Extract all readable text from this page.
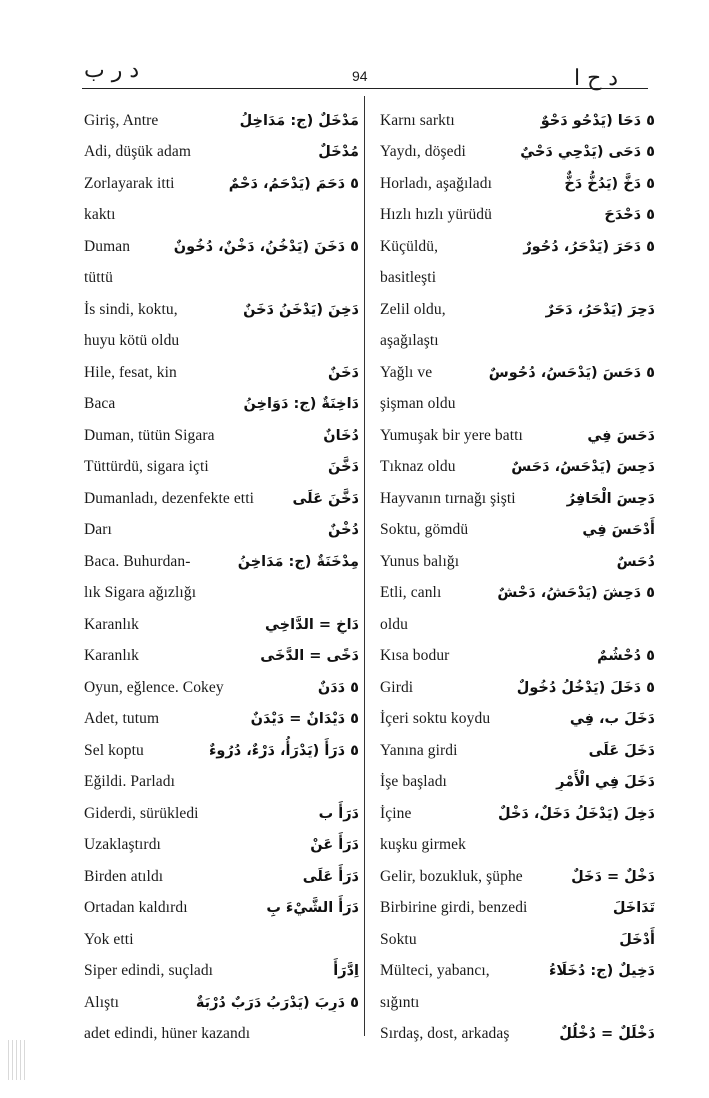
د ر ب	94	د ح ا
Giriş, Antre	مَدْخَلٌ (ج: مَدَاخِلُ
Adi, düşük adam	مُدْخَلٌ
Zorlayarak itti	٥ دَحَمَ (يَدْحَمُ، دَحْمٌ
kaktı
Duman	٥ دَخَنَ (يَدْخُنُ، دَخْنٌ، دُخُونٌ
tüttü
İs sindi, koktu,	دَخِنَ (يَدْخَنُ دَخَنٌ
huyu kötü oldu
Hile, fesat, kin	دَخَنٌ
Baca	دَاخِنَةٌ (ج: دَوَاخِنُ
Duman, tütün Sigara	دُخَانٌ
Tüttürdü, sigara içti	دَخَّنَ
Dumanladı, dezenfekte etti	دَخَّنَ عَلَى
Darı	دُخْنٌ
Baca. Buhurdan-	مِدْخَنَةٌ (ج: مَدَاخِنُ
lık Sigara ağızlığı
Karanlık	دَاخٍ = الدَّاخِي
Karanlık	دَخًى = الدَّخَى
Oyun, eğlence. Cokey	٥ دَدَنٌ
Adet, tutum	٥ دَيْدَانٌ = دَيْدَنٌ
Sel koptu	٥ دَرَأَ (يَدْرَأُ، دَرْءٌ، دُرُوءٌ
Eğildi. Parladı
Giderdi, sürükledi	دَرَأَ ب
Uzaklaştırdı	دَرَأَ عَنْ
Birden atıldı	دَرَأَ عَلَى
Ortadan kaldırdı	دَرَأَ الشَّيْءَ بِ
Yok etti
Siper edindi, suçladı	اِدَّرَأَ
Alıştı	٥ دَرِبَ (يَدْرَبُ دَرَبٌ دُرْبَةٌ
adet edindi, hüner kazandı
Karnı sarktı	٥ دَحَا (يَدْحُو دَحْوٌ
Yaydı, döşedi	٥ دَحَى (يَدْحِي دَحْيٌ
Horladı, aşağıladı	٥ دَخَّ (يَدُخُّ دَخٌّ
Hızlı hızlı yürüdü	٥ دَحْدَحَ
Küçüldü,	٥ دَحَرَ (يَدْحَرُ، دُحُورٌ
basitleşti
Zelil oldu,	دَحِرَ (يَدْحَرُ، دَحَرٌ
aşağılaştı
Yağlı ve	٥ دَحَسَ (يَدْحَسُ، دُحُوسٌ
şişman oldu
Yumuşak bir yere battı	دَحَسَ فِي
Tıknaz oldu	دَحِسَ (يَدْحَسُ، دَحَسٌ
Hayvanın tırnağı şişti	دَحِسَ الْحَافِرُ
Soktu, gömdü	أَدْحَسَ فِي
Yunus balığı	دُحَسٌ
Etli, canlı	٥ دَحِشَ (يَدْحَشُ، دَحْشٌ
oldu
Kısa bodur	٥ دُحْشُمٌ
Girdi	٥ دَخَلَ (يَدْخُلُ دُخُولٌ
İçeri soktu koydu	دَخَلَ ب، فِي
Yanına girdi	دَخَلَ عَلَى
İşe başladı	دَخَلَ فِي الْأَمْرِ
İçine	دَخِلَ (يَدْخَلُ دَخَلٌ، دَخْلٌ
kuşku girmek
Gelir, bozukluk, şüphe	دَخْلٌ = دَخَلٌ
Birbirine girdi, benzedi	تَدَاخَلَ
Soktu	أَدْخَلَ
Mülteci, yabancı,	دَخِيلٌ (ج: دُخَلَاءُ
sığıntı
Sırdaş, dost, arkadaş	دَخْلَلٌ = دُخْلُلٌ
